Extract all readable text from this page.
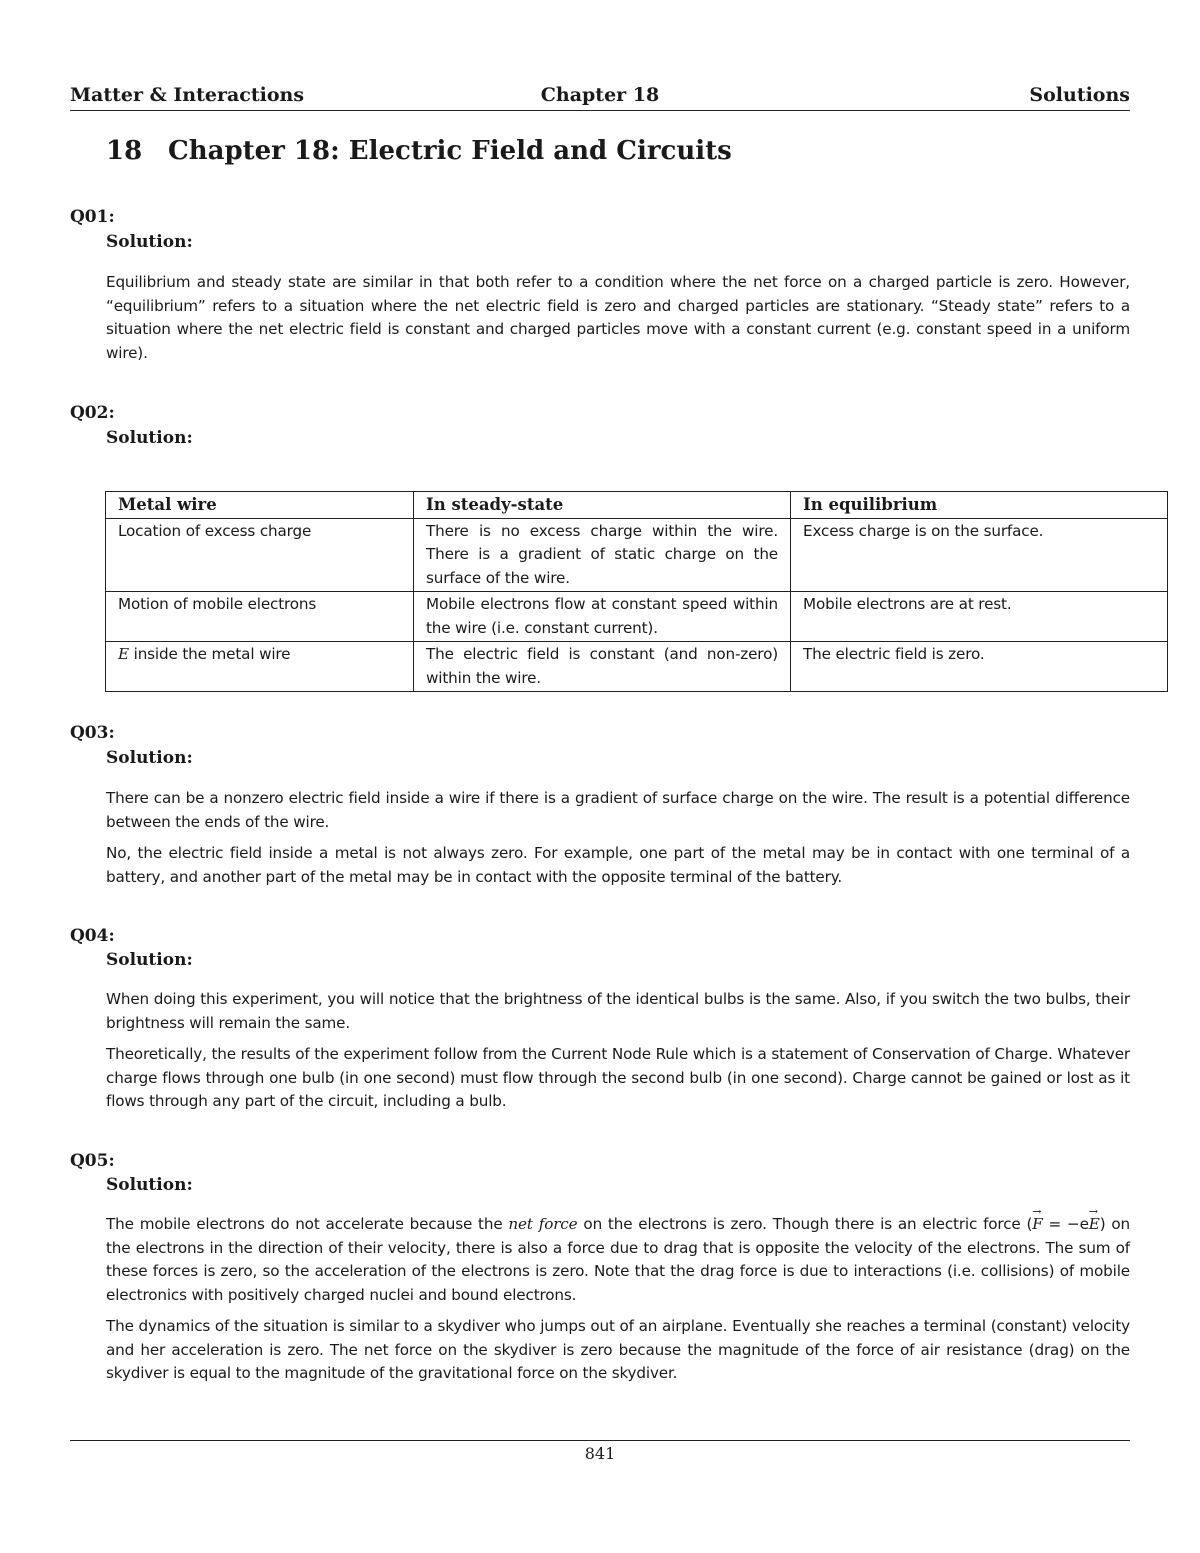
Matter & Interactions	Chapter 18	Solutions
18 Chapter 18: Electric Field and Circuits
Q01:
Solution:
Equilibrium and steady state are similar in that both refer to a condition where the net force on a charged particle is zero. However, “equilibrium” refers to a situation where the net electric field is zero and charged particles are stationary. “Steady state” refers to a situation where the net electric field is constant and charged particles move with a constant current (e.g. constant speed in a uniform wire).
Q02:
Solution:
Metal wire	In steady-state	In equilibrium
Location of excess charge	There is no excess charge within the wire. There is a gradient of static charge on the surface of the wire.	Excess charge is on the surface.
Motion of mobile electrons	Mobile electrons flow at constant speed within the wire (i.e. constant current).	Mobile electrons are at rest.
E inside the metal wire	The electric field is constant (and non-zero) within the wire.	The electric field is zero.
Q03:
Solution:
There can be a nonzero electric field inside a wire if there is a gradient of surface charge on the wire. The result is a potential difference between the ends of the wire.
No, the electric field inside a metal is not always zero. For example, one part of the metal may be in contact with one terminal of a battery, and another part of the metal may be in contact with the opposite terminal of the battery.
Q04:
Solution:
When doing this experiment, you will notice that the brightness of the identical bulbs is the same. Also, if you switch the two bulbs, their brightness will remain the same.
Theoretically, the results of the experiment follow from the Current Node Rule which is a statement of Conservation of Charge. Whatever charge flows through one bulb (in one second) must flow through the second bulb (in one second). Charge cannot be gained or lost as it flows through any part of the circuit, including a bulb.
Q05:
Solution:
The mobile electrons do not accelerate because the net force on the electrons is zero. Though there is an electric force (→ F = −e→ E) on the electrons in the direction of their velocity, there is also a force due to drag that is opposite the velocity of the electrons. The sum of these forces is zero, so the acceleration of the electrons is zero. Note that the drag force is due to interactions (i.e. collisions) of mobile electronics with positively charged nuclei and bound electrons.
The dynamics of the situation is similar to a skydiver who jumps out of an airplane. Eventually she reaches a terminal (constant) velocity and her acceleration is zero. The net force on the skydiver is zero because the magnitude of the force of air resistance (drag) on the skydiver is equal to the magnitude of the gravitational force on the skydiver.
841
